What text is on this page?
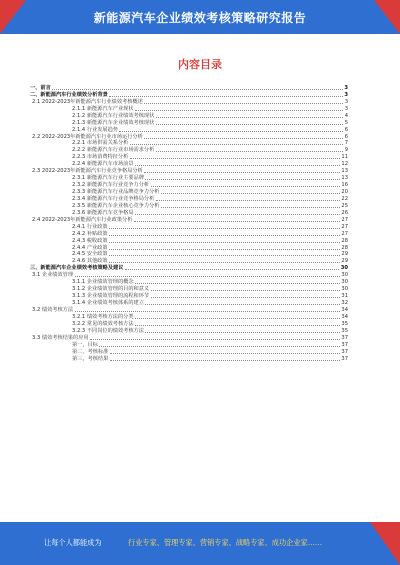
新能源汽车企业绩效考核策略研究报告
内容目录
一、前言	3
二、新能源汽车行业绩效分析背景	3
2.1 2022-2023年新能源汽车行业绩效考核概述	3
2.1.1 新能源汽车产业现状	3
2.1.2 新能源汽车行业绩效考核现状	4
2.1.3 新能源汽车企业绩效考核现状	5
2.1.4 行业发展趋势	6
2.2 2022-2023年新能源汽车行业市场运行分析	6
2.2.1 市场供需关系分析	7
2.2.2 新能源汽车行业市场需求分析	9
2.2.3 市场消费特征分析	11
2.2.4 新能源汽车市场前景	12
2.3 2022-2023年新能源汽车行业竞争格局分析	13
2.3.1 新能源汽车行业主要品牌	13
2.3.2 新能源汽车行业竞争力分析	16
2.3.3 新能源汽车行业品牌竞争力分析	20
2.3.4 新能源汽车行业竞争格局分析	22
2.3.5 新能源汽车企业核心竞争力分析	25
2.3.6 新能源汽车竞争格局	26
2.4 2022-2023年新能源汽车行业政策分析	27
2.4.1 行业政策	27
2.4.2 补贴政策	27
2.4.3 税收政策	28
2.4.4 产业政策	28
2.4.5 安全政策	29
2.4.6 其他政策	29
三、新能源汽车企业绩效考核策略及建议	30
3.1 企业绩效管理	30
3.1.1 企业绩效管理的概念	30
3.1.2 企业绩效管理的目的和意义	30
3.1.3 企业绩效管理的流程和环节	31
3.1.4 企业绩效考核体系的建立	32
3.2 绩效考核方法	34
3.2.1 绩效考核方法的分类	34
3.2.2 常见的绩效考核方法	35
3.2.3 不同岗位的绩效考核方法	35
3.3 绩效考核结果的应用	37
第一，目标	37
第二，考核标准	37
第三，考核结果	37
让每个人都能成为	行业专家、管理专家、营销专家、战略专家、成功企业家……
